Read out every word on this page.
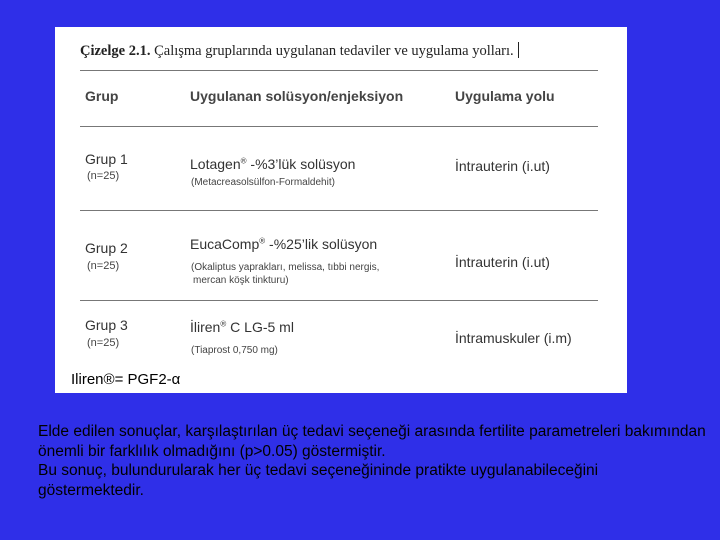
Çizelge 2.1. Çalışma gruplarında uygulanan tedaviler ve uygulama yolları.
Grup	Uygulanan solüsyon/enjeksiyon	Uygulama yolu
Grup 1
(n=25)
Lotagen® -%3’lük solüsyon
(Metacreasolsülfon-Formaldehit)
İntrauterin (i.ut)
Grup 2
(n=25)
EucaComp® -%25’lik solüsyon
(Okaliptus yaprakları, melissa, tıbbi nergis,
mercan köşk tinkturu)
İntrauterin (i.ut)
Grup 3
(n=25)
İliren® C LG-5 ml
(Tiaprost 0,750 mg)
İntramuskuler (i.m)
Iliren®= PGF2-α

Elde edilen sonuçlar, karşılaştırılan üç tedavi seçeneği arasında fertilite parametreleri bakımından önemli bir farklılık olmadığını (p>0.05) göstermiştir.

Bu sonuç, bulundurularak her üç tedavi seçeneğininde pratikte uygulanabileceğini göstermektedir.
